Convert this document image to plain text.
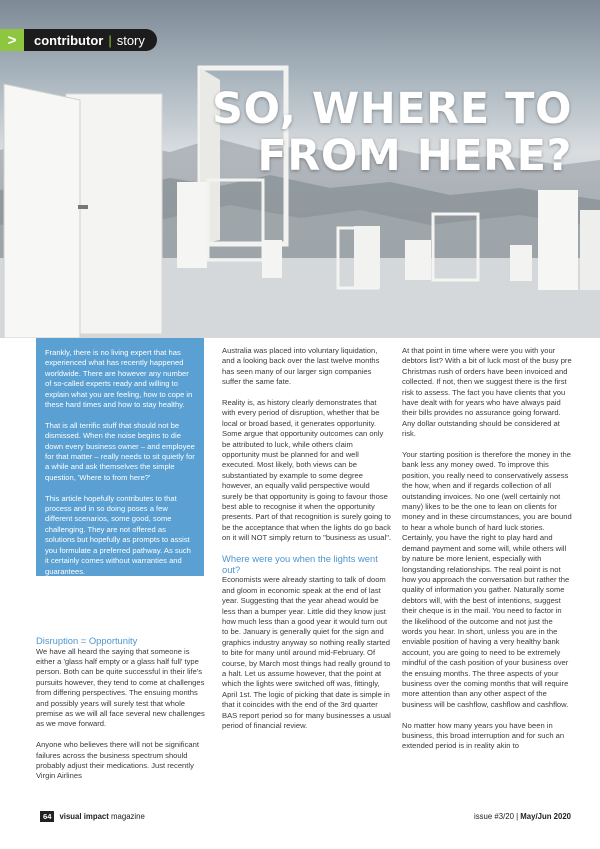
>	contributor | story
SO, WHERE TO
FROM HERE?

Frankly, there is no living expert that has experienced what has recently happened worldwide. There are however any number of so-called experts ready and willing to explain what you are feeling, how to cope in these hard times and how to stay healthy.

That is all terrific stuff that should not be dismissed. When the noise begins to die down every business owner – and employee for that matter – really needs to sit quietly for a while and ask themselves the simple question, 'Where to from here?'

This article hopefully contributes to that process and in so doing poses a few different scenarios, some good, some challenging. They are not offered as solutions but hopefully as prompts to assist you formulate a preferred pathway. As such it certainly comes without warranties and guarantees.

Disruption = Opportunity

We have all heard the saying that someone is either a 'glass half empty or a glass half full' type person. Both can be quite successful in their life's pursuits however, they tend to come at challenges from differing perspectives. The ensuing months and possibly years will surely test that whole premise as we will all face several new challenges as we move forward.

Anyone who believes there will not be significant failures across the business spectrum should probably adjust their medications. Just recently Virgin Airlines

Australia was placed into voluntary liquidation, and a looking back over the last twelve months has seen many of our larger sign companies suffer the same fate.

Reality is, as history clearly demonstrates that with every period of disruption, whether that be local or broad based, it generates opportunity. Some argue that opportunity outcomes can only be attributed to luck, while others claim opportunity must be planned for and well executed. Most likely, both views can be substantiated by example to some degree however, an equally valid perspective would surely be that opportunity is going to favour those best able to recognise it when the opportunity presents. Part of that recognition is surely going to be the acceptance that when the lights do go back on it will NOT simply return to "business as usual".

Where were you when the lights went out?

Economists were already starting to talk of doom and gloom in economic speak at the end of last year. Suggesting that the year ahead would be less than a bumper year. Little did they know just how much less than a good year it would turn out to be. January is generally quiet for the sign and graphics industry anyway so nothing really started to bite for many until around mid-February. Of course, by March most things had really ground to a halt. Let us assume however, that the point at which the lights were switched off was, fittingly, April 1st. The logic of picking that date is simple in that it coincides with the end of the 3rd quarter BAS report period so for many businesses a usual period of financial review.

At that point in time where were you with your debtors list? With a bit of luck most of the busy pre Christmas rush of orders have been invoiced and collected. If not, then we suggest there is the first risk to assess. The fact you have clients that you have dealt with for years who have always paid their bills provides no assurance going forward. Any dollar outstanding should be considered at risk.

Your starting position is therefore the money in the bank less any money owed. To improve this position, you really need to conservatively assess the how, when and if regards collection of all outstanding invoices. No one (well certainly not many) likes to be the one to lean on clients for money and in these circumstances, you are bound to hear a whole bunch of hard luck stories. Certainly, you have the right to play hard and demand payment and some will, while others will by nature be more lenient, especially with longstanding relationships. The real point is not how you approach the conversation but rather the quality of information you gather. Naturally some debtors will, with the best of intentions, suggest their cheque is in the mail. You need to factor in the likelihood of the outcome and not just the words you hear. In short, unless you are in the enviable position of having a very healthy bank account, you are going to need to be extremely mindful of the cash position of your business over the ensuing months. The three aspects of your business over the coming months that will require more attention than any other aspect of the business will be cashflow, cashflow and cashflow.

No matter how many years you have been in business, this broad interruption and for such an extended period is in reality akin to

64	visual impact magazine	issue #3/20 | May/Jun 2020
